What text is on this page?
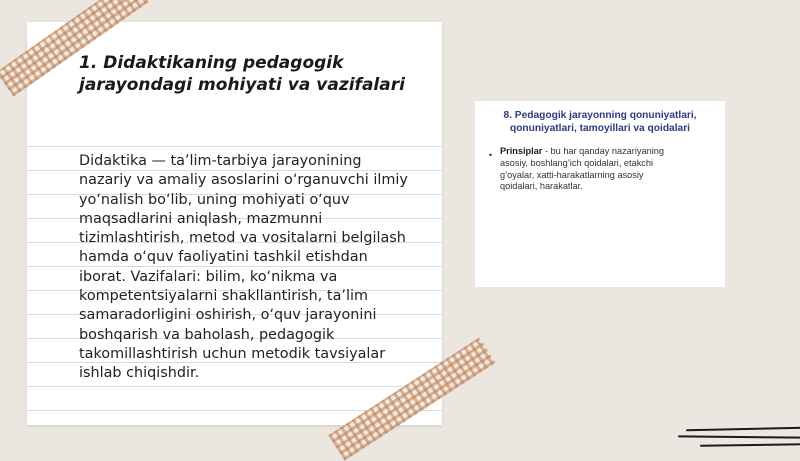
1. Didaktikaning pedagogik
jarayondagi mohiyati va vazifalari
Didaktika — ta’lim-tarbiya jarayonining
nazariy va amaliy asoslarini o‘rganuvchi ilmiy
yo‘nalish bo‘lib, uning mohiyati o‘quv
maqsadlarini aniqlash, mazmunni
tizimlashtirish, metod va vositalarni belgilash
hamda o‘quv faoliyatini tashkil etishdan
iborat. Vazifalari: bilim, ko‘nikma va
kompetentsiyalarni shakllantirish, ta’lim
samaradorligini oshirish, o‘quv jarayonini
boshqarish va baholash, pedagogik
takomillashtirish uchun metodik tavsiyalar
ishlab chiqishdir.
8. Pedagogik jarayonning qonuniyatlari,
qonuniyatlari, tamoyillari va qoidalari
• Prinsiplar - bu har qanday nazariyaning
asosiy, boshlang’ich qoidalari, etakchi
g’oyalar, xatti-harakatlarning asosiy
qoidalari, harakatlar.
